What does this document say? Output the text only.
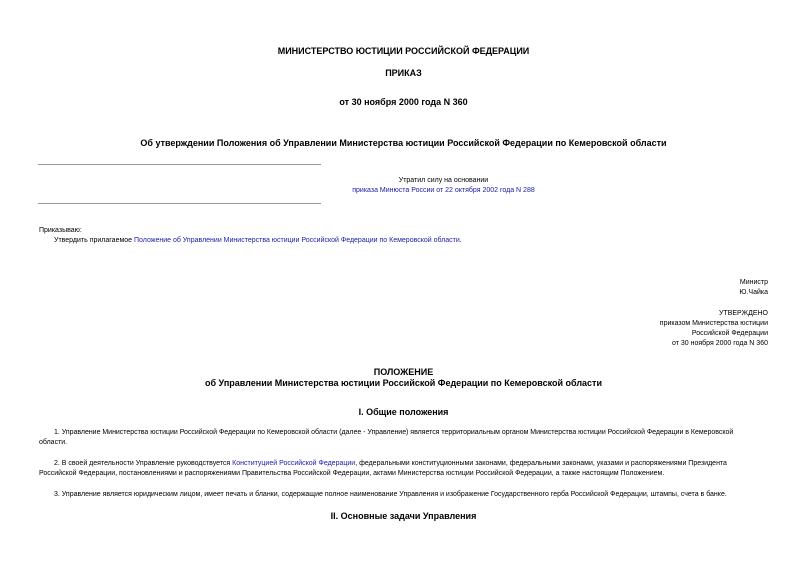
МИНИСТЕРСТВО ЮСТИЦИИ РОССИЙСКОЙ ФЕДЕРАЦИИ
ПРИКАЗ
от 30 ноября 2000 года N 360
Об утверждении Положения об Управлении Министерства юстиции Российской Федерации по Кемеровской области
Утратил силу на основании
приказа Минюста России от 22 октября 2002 года N 288
Приказываю:
Утвердить прилагаемое Положение об Управлении Министерства юстиции Российской Федерации по Кемеровской области.
Министр
Ю.Чайка
УТВЕРЖДЕНО
приказом Министерства юстиции
Российской Федерации
от 30 ноября 2000 года N 360
ПОЛОЖЕНИЕ
об Управлении Министерства юстиции Российской Федерации по Кемеровской области
I. Общие положения
1. Управление Министерства юстиции Российской Федерации по Кемеровской области (далее - Управление) является территориальным органом Министерства юстиции Российской Федерации в Кемеровской
области.
2. В своей деятельности Управление руководствуется Конституцией Российской Федерации, федеральными конституционными законами, федеральными законами, указами и распоряжениями Президента
Российской Федерации, постановлениями и распоряжениями Правительства Российской Федерации, актами Министерства юстиции Российской Федерации, а также настоящим Положением.
3. Управление является юридическим лицом, имеет печать и бланки, содержащие полное наименование Управления и изображение Государственного герба Российской Федерации, штампы, счета в банке.
II. Основные задачи Управления
